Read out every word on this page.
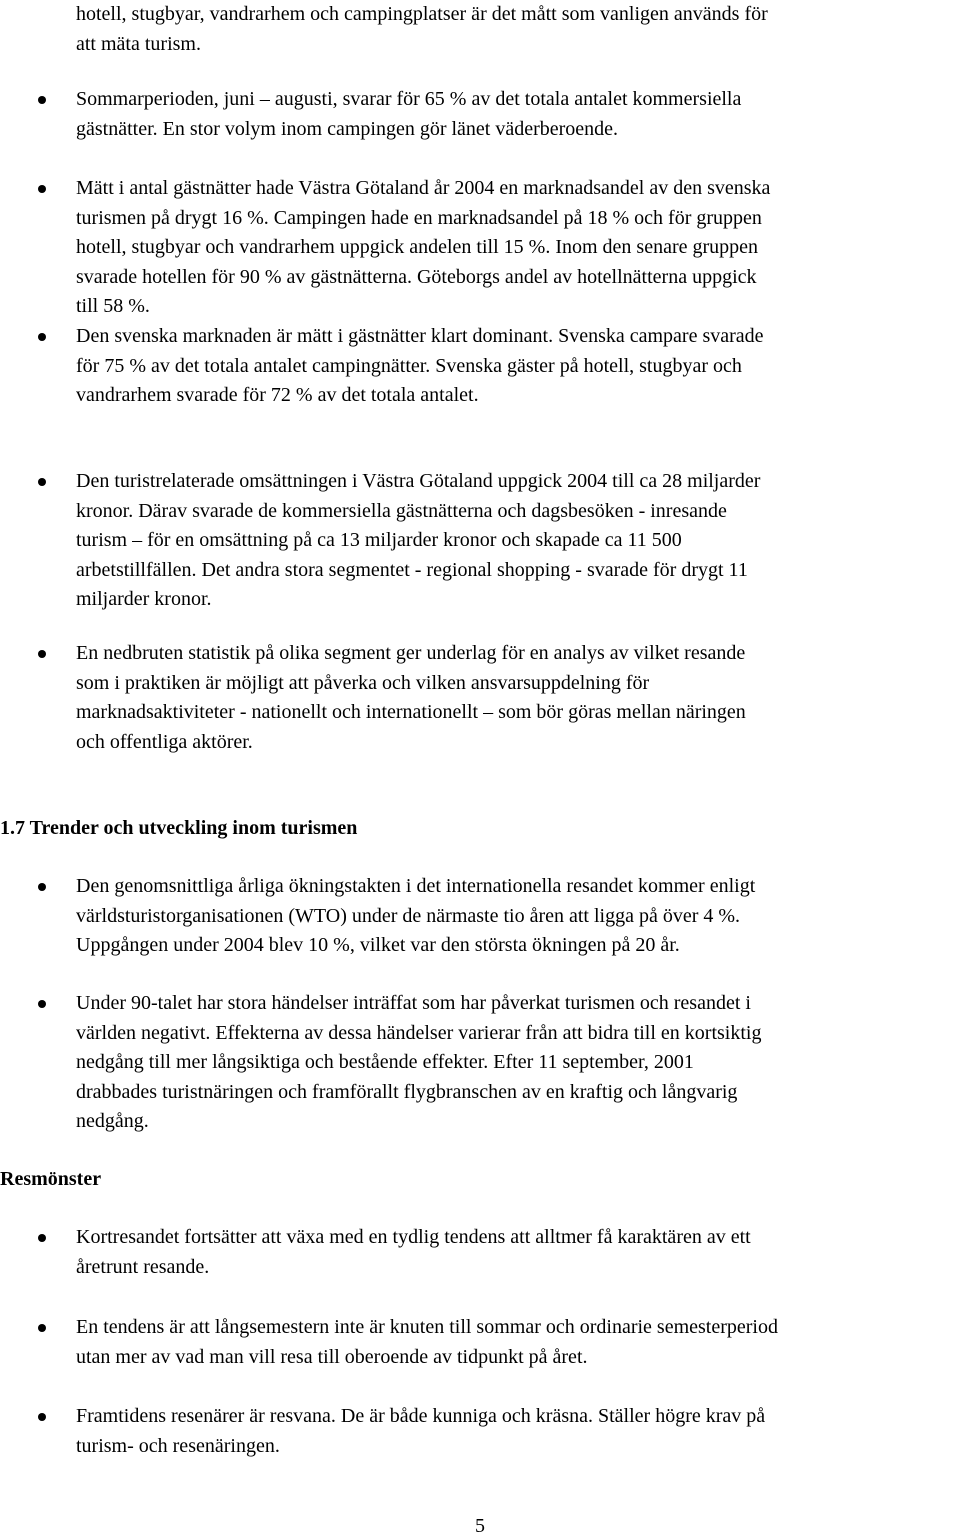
hotell, stugbyar, vandrarhem och campingplatser är det mått som vanligen används för
att mäta turism.
Sommarperioden, juni – augusti, svarar för 65 % av det totala antalet kommersiella
gästnätter. En stor volym inom campingen gör länet väderberoende.
Mätt i antal gästnätter hade Västra Götaland år 2004 en marknadsandel av den svenska
turismen på drygt 16 %. Campingen hade en marknadsandel på 18 % och för gruppen
hotell, stugbyar och vandrarhem uppgick andelen till 15 %. Inom den senare gruppen
svarade hotellen för 90 % av gästnätterna. Göteborgs andel av hotellnätterna uppgick
till 58 %.
Den svenska marknaden är mätt i gästnätter klart dominant. Svenska campare svarade
för 75 % av det totala antalet campingnätter. Svenska gäster på hotell, stugbyar och
vandrarhem svarade för 72 % av det totala antalet.
Den turistrelaterade omsättningen i Västra Götaland uppgick 2004 till ca 28 miljarder
kronor. Därav svarade de kommersiella gästnätterna och dagsbesöken - inresande
turism – för en omsättning på ca 13 miljarder kronor och skapade ca 11 500
arbetstillfällen. Det andra stora segmentet - regional shopping - svarade för drygt 11
miljarder kronor.
En nedbruten statistik på olika segment ger underlag för en analys av vilket resande
som i praktiken är möjligt att påverka och vilken ansvarsuppdelning för
marknadsaktiviteter - nationellt och internationellt – som bör göras mellan näringen
och offentliga aktörer.
1.7 Trender och utveckling inom turismen
Den genomsnittliga årliga ökningstakten i det internationella resandet kommer enligt
världsturistorganisationen (WTO) under de närmaste tio åren att ligga på över 4 %.
Uppgången under 2004 blev 10 %, vilket var den största ökningen på 20 år.
Under 90-talet har stora händelser inträffat som har påverkat turismen och resandet i
världen negativt. Effekterna av dessa händelser varierar från att bidra till en kortsiktig
nedgång till mer långsiktiga och bestående effekter. Efter 11 september, 2001
drabbades turistnäringen och framförallt flygbranschen av en kraftig och långvarig
nedgång.
Resmönster
Kortresandet fortsätter att växa med en tydlig tendens att alltmer få karaktären av ett
åretrunt resande.
En tendens är att långsemestern inte är knuten till sommar och ordinarie semesterperiod
utan mer av vad man vill resa till oberoende av tidpunkt på året.
Framtidens resenärer är resvana. De är både kunniga och kräsna. Ställer högre krav på
turism- och resenäringen.
5
